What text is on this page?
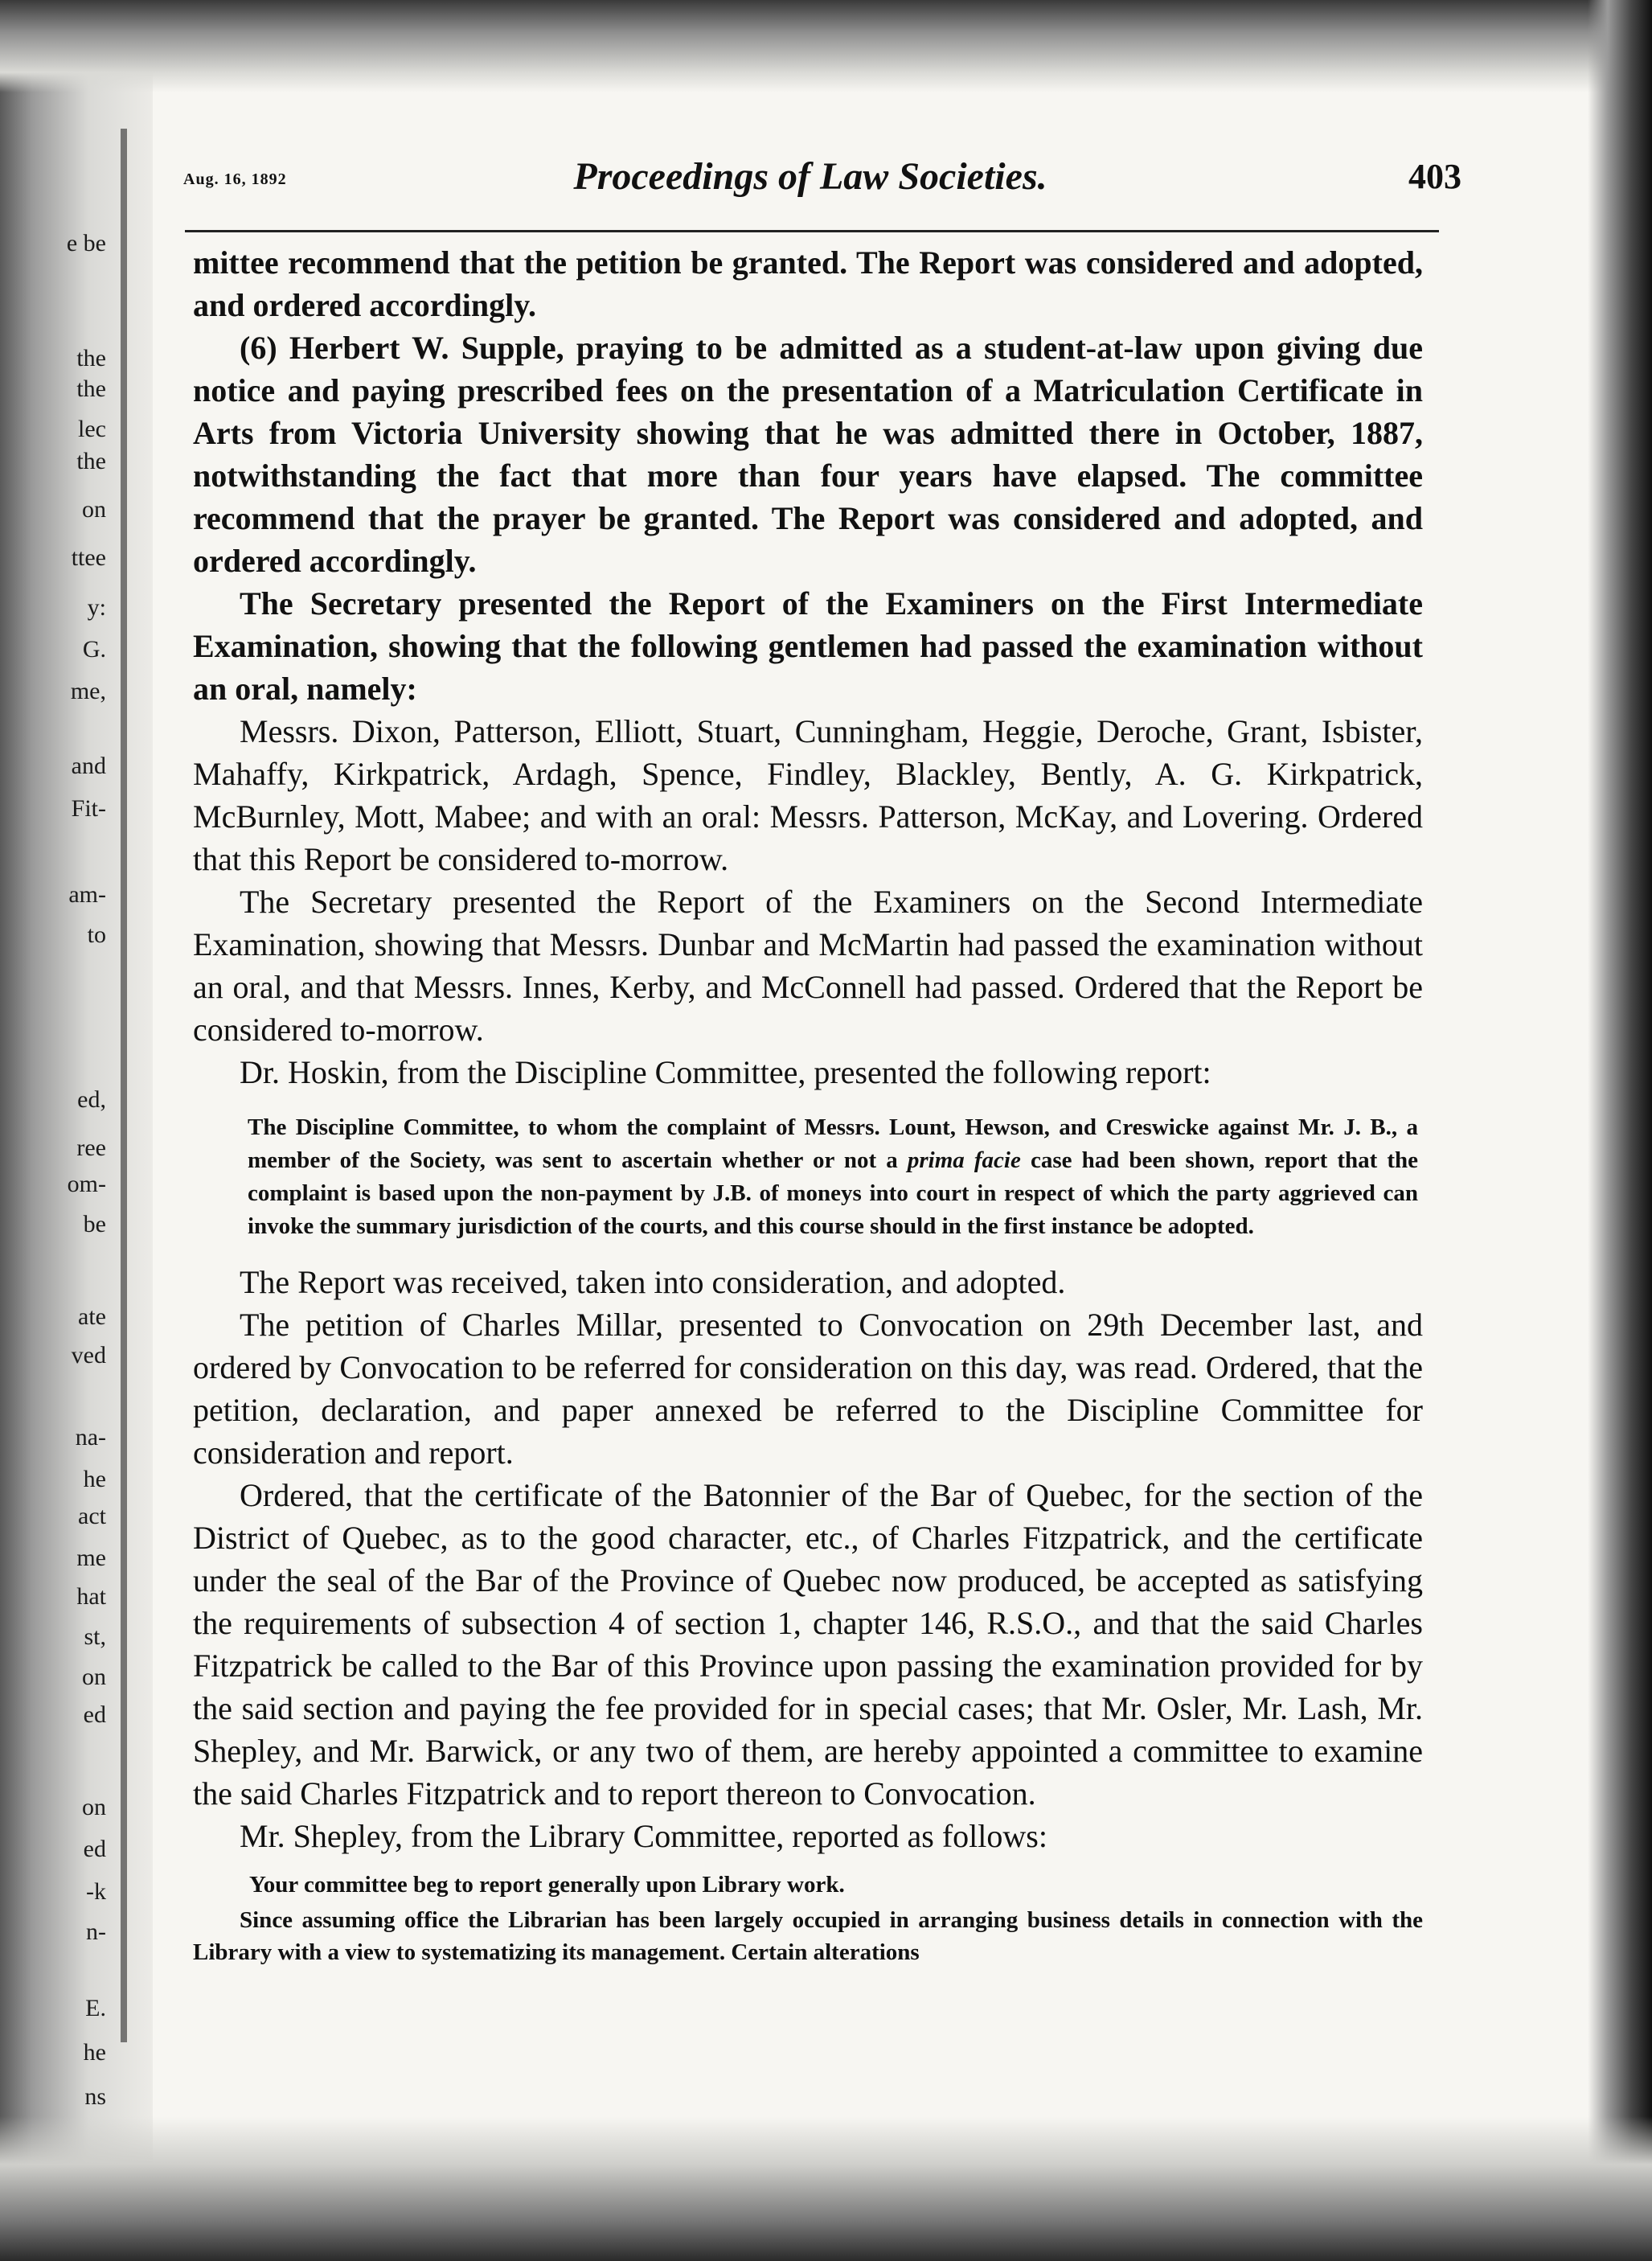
e be
the
the
lec
the
on
ttee
y:
G.
me,
and
Fit-
am-
to
ed,
ree
om-
be
ate
ved
na-
he
act
me
hat
st,
on
ed
on
ed
-k
n-
E.
he
ns
Aug. 16, 1892	Proceedings of Law Societies.	403

mittee recommend that the petition be granted. The Report was considered and adopted, and ordered accordingly.

(6) Herbert W. Supple, praying to be admitted as a student-at-law upon giving due notice and paying prescribed fees on the presentation of a Matriculation Certificate in Arts from Victoria University showing that he was admitted there in October, 1887, notwithstanding the fact that more than four years have elapsed. The committee recommend that the prayer be granted. The Report was considered and adopted, and ordered accordingly.

The Secretary presented the Report of the Examiners on the First Intermediate Examination, showing that the following gentlemen had passed the examination without an oral, namely:

Messrs. Dixon, Patterson, Elliott, Stuart, Cunningham, Heggie, Deroche, Grant, Isbister, Mahaffy, Kirkpatrick, Ardagh, Spence, Findley, Blackley, Bently, A. G. Kirkpatrick, McBurnley, Mott, Mabee; and with an oral: Messrs. Patterson, McKay, and Lovering. Ordered that this Report be considered to-morrow.

The Secretary presented the Report of the Examiners on the Second Intermediate Examination, showing that Messrs. Dunbar and McMartin had passed the examination without an oral, and that Messrs. Innes, Kerby, and McConnell had passed. Ordered that the Report be considered to-morrow.

Dr. Hoskin, from the Discipline Committee, presented the following report:

The Discipline Committee, to whom the complaint of Messrs. Lount, Hewson, and Creswicke against Mr. J. B., a member of the Society, was sent to ascertain whether or not a prima facie case had been shown, report that the complaint is based upon the non-payment by J.B. of moneys into court in respect of which the party aggrieved can invoke the summary jurisdiction of the courts, and this course should in the first instance be adopted.

The Report was received, taken into consideration, and adopted.

The petition of Charles Millar, presented to Convocation on 29th December last, and ordered by Convocation to be referred for consideration on this day, was read. Ordered, that the petition, declaration, and paper annexed be referred to the Discipline Committee for consideration and report.

Ordered, that the certificate of the Batonnier of the Bar of Quebec, for the section of the District of Quebec, as to the good character, etc., of Charles Fitzpatrick, and the certificate under the seal of the Bar of the Province of Quebec now produced, be accepted as satisfying the requirements of subsection 4 of section 1, chapter 146, R.S.O., and that the said Charles Fitzpatrick be called to the Bar of this Province upon passing the examination provided for by the said section and paying the fee provided for in special cases; that Mr. Osler, Mr. Lash, Mr. Shepley, and Mr. Barwick, or any two of them, are hereby appointed a committee to examine the said Charles Fitzpatrick and to report thereon to Convocation.

Mr. Shepley, from the Library Committee, reported as follows:

Your committee beg to report generally upon Library work.

Since assuming office the Librarian has been largely occupied in arranging business details in connection with the Library with a view to systematizing its management. Certain alterations
